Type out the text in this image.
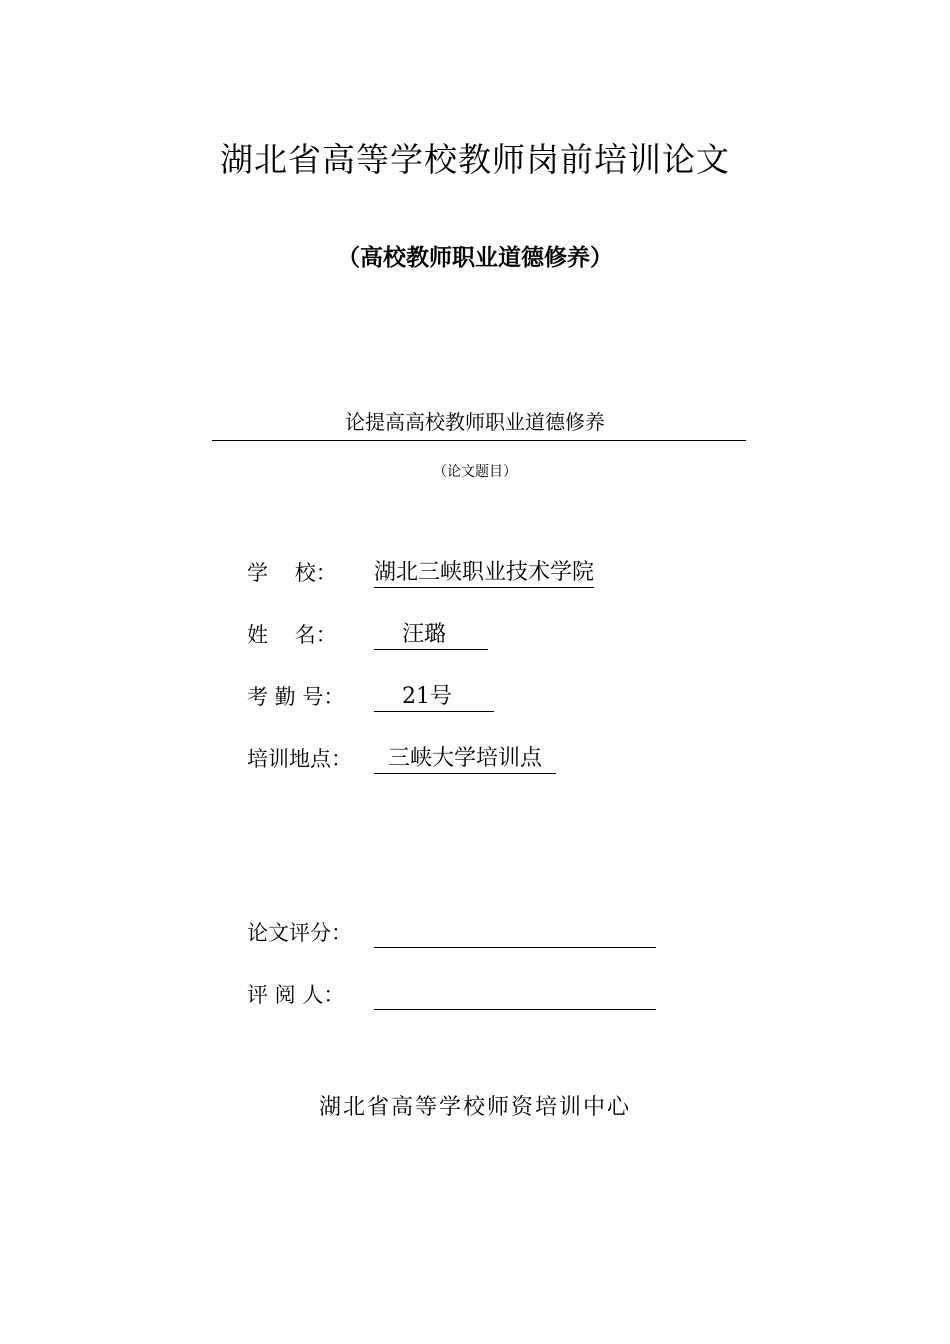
湖北省高等学校教师岗前培训论文
（高校教师职业道德修养）
论提高高校教师职业道德修养
（论文题目）
学    校：	湖北三峡职业技术学院
姓    名：	汪璐
考 勤 号：	21号
培训地点：	三峡大学培训点
论文评分：
评 阅 人：
湖北省高等学校师资培训中心
